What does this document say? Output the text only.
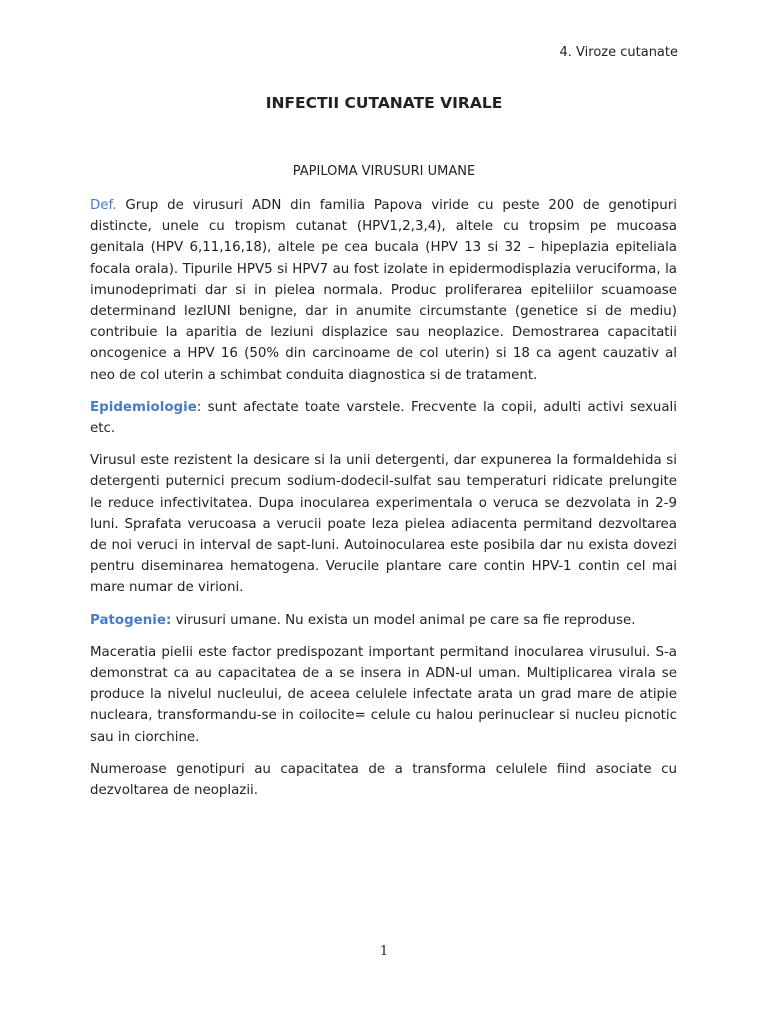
4. Viroze cutanate
INFECTII CUTANATE VIRALE
PAPILOMA VIRUSURI UMANE

Def. Grup de virusuri ADN din familia Papova viride cu peste 200 de genotipuri distincte, unele cu tropism cutanat (HPV1,2,3,4), altele cu tropsim pe mucoasa genitala (HPV 6,11,16,18), altele pe cea bucala (HPV 13 si 32 – hipeplazia epiteliala focala orala). Tipurile HPV5 si HPV7 au fost izolate in epidermodisplazia veruciforma, la imunodeprimati dar si in pielea normala. Produc proliferarea epiteliilor scuamoase determinand lezIUNI benigne, dar in anumite circumstante (genetice si de mediu) contribuie la aparitia de leziuni displazice sau neoplazice. Demostrarea capacitatii oncogenice a HPV 16 (50% din carcinoame de col uterin) si 18 ca agent cauzativ al neo de col uterin a schimbat conduita diagnostica si de tratament.

Epidemiologie: sunt afectate toate varstele. Frecvente la copii, adulti activi sexuali etc.

Virusul este rezistent la desicare si la unii detergenti, dar expunerea la formaldehida si detergenti puternici precum sodium-dodecil-sulfat sau temperaturi ridicate prelungite le reduce infectivitatea. Dupa inocularea experimentala o veruca se dezvolata in 2-9 luni. Sprafata verucoasa a verucii poate leza pielea adiacenta permitand dezvoltarea de noi veruci in interval de sapt-luni. Autoinocularea este posibila dar nu exista dovezi pentru diseminarea hematogena. Verucile plantare care contin HPV-1 contin cel mai mare numar de virioni.

Patogenie: virusuri umane. Nu exista un model animal pe care sa fie reproduse.

Maceratia pielii este factor predispozant important permitand inocularea virusului. S-a demonstrat ca au capacitatea de a se insera in ADN-ul uman. Multiplicarea virala se produce la nivelul nucleului, de aceea celulele infectate arata un grad mare de atipie nucleara, transformandu-se in coilocite= celule cu halou perinuclear si nucleu picnotic sau in ciorchine.

Numeroase genotipuri au capacitatea de a transforma celulele fiind asociate cu dezvoltarea de neoplazii.

1
